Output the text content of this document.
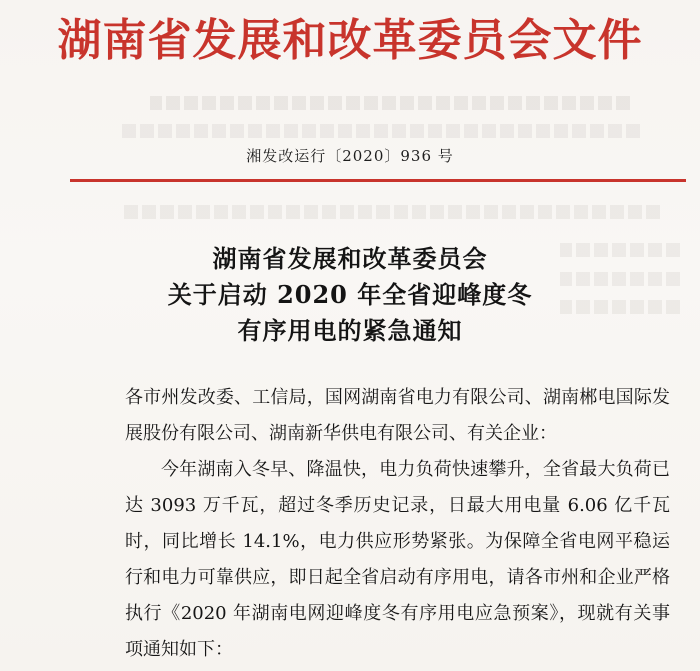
湖南省发展和改革委员会文件
湘发改运行〔2020〕936 号
湖南省发展和改革委员会
关于启动 2020 年全省迎峰度冬
有序用电的紧急通知

各市州发改委、工信局，国网湖南省电力有限公司、湖南郴电国际发展股份有限公司、湖南新华供电有限公司、有关企业：

今年湖南入冬早、降温快，电力负荷快速攀升，全省最大负荷已达 3093 万千瓦，超过冬季历史记录，日最大用电量 6.06 亿千瓦时，同比增长 14.1%，电力供应形势紧张。为保障全省电网平稳运行和电力可靠供应，即日起全省启动有序用电，请各市州和企业严格执行《2020 年湖南电网迎峰度冬有序用电应急预案》，现就有关事项通知如下：
